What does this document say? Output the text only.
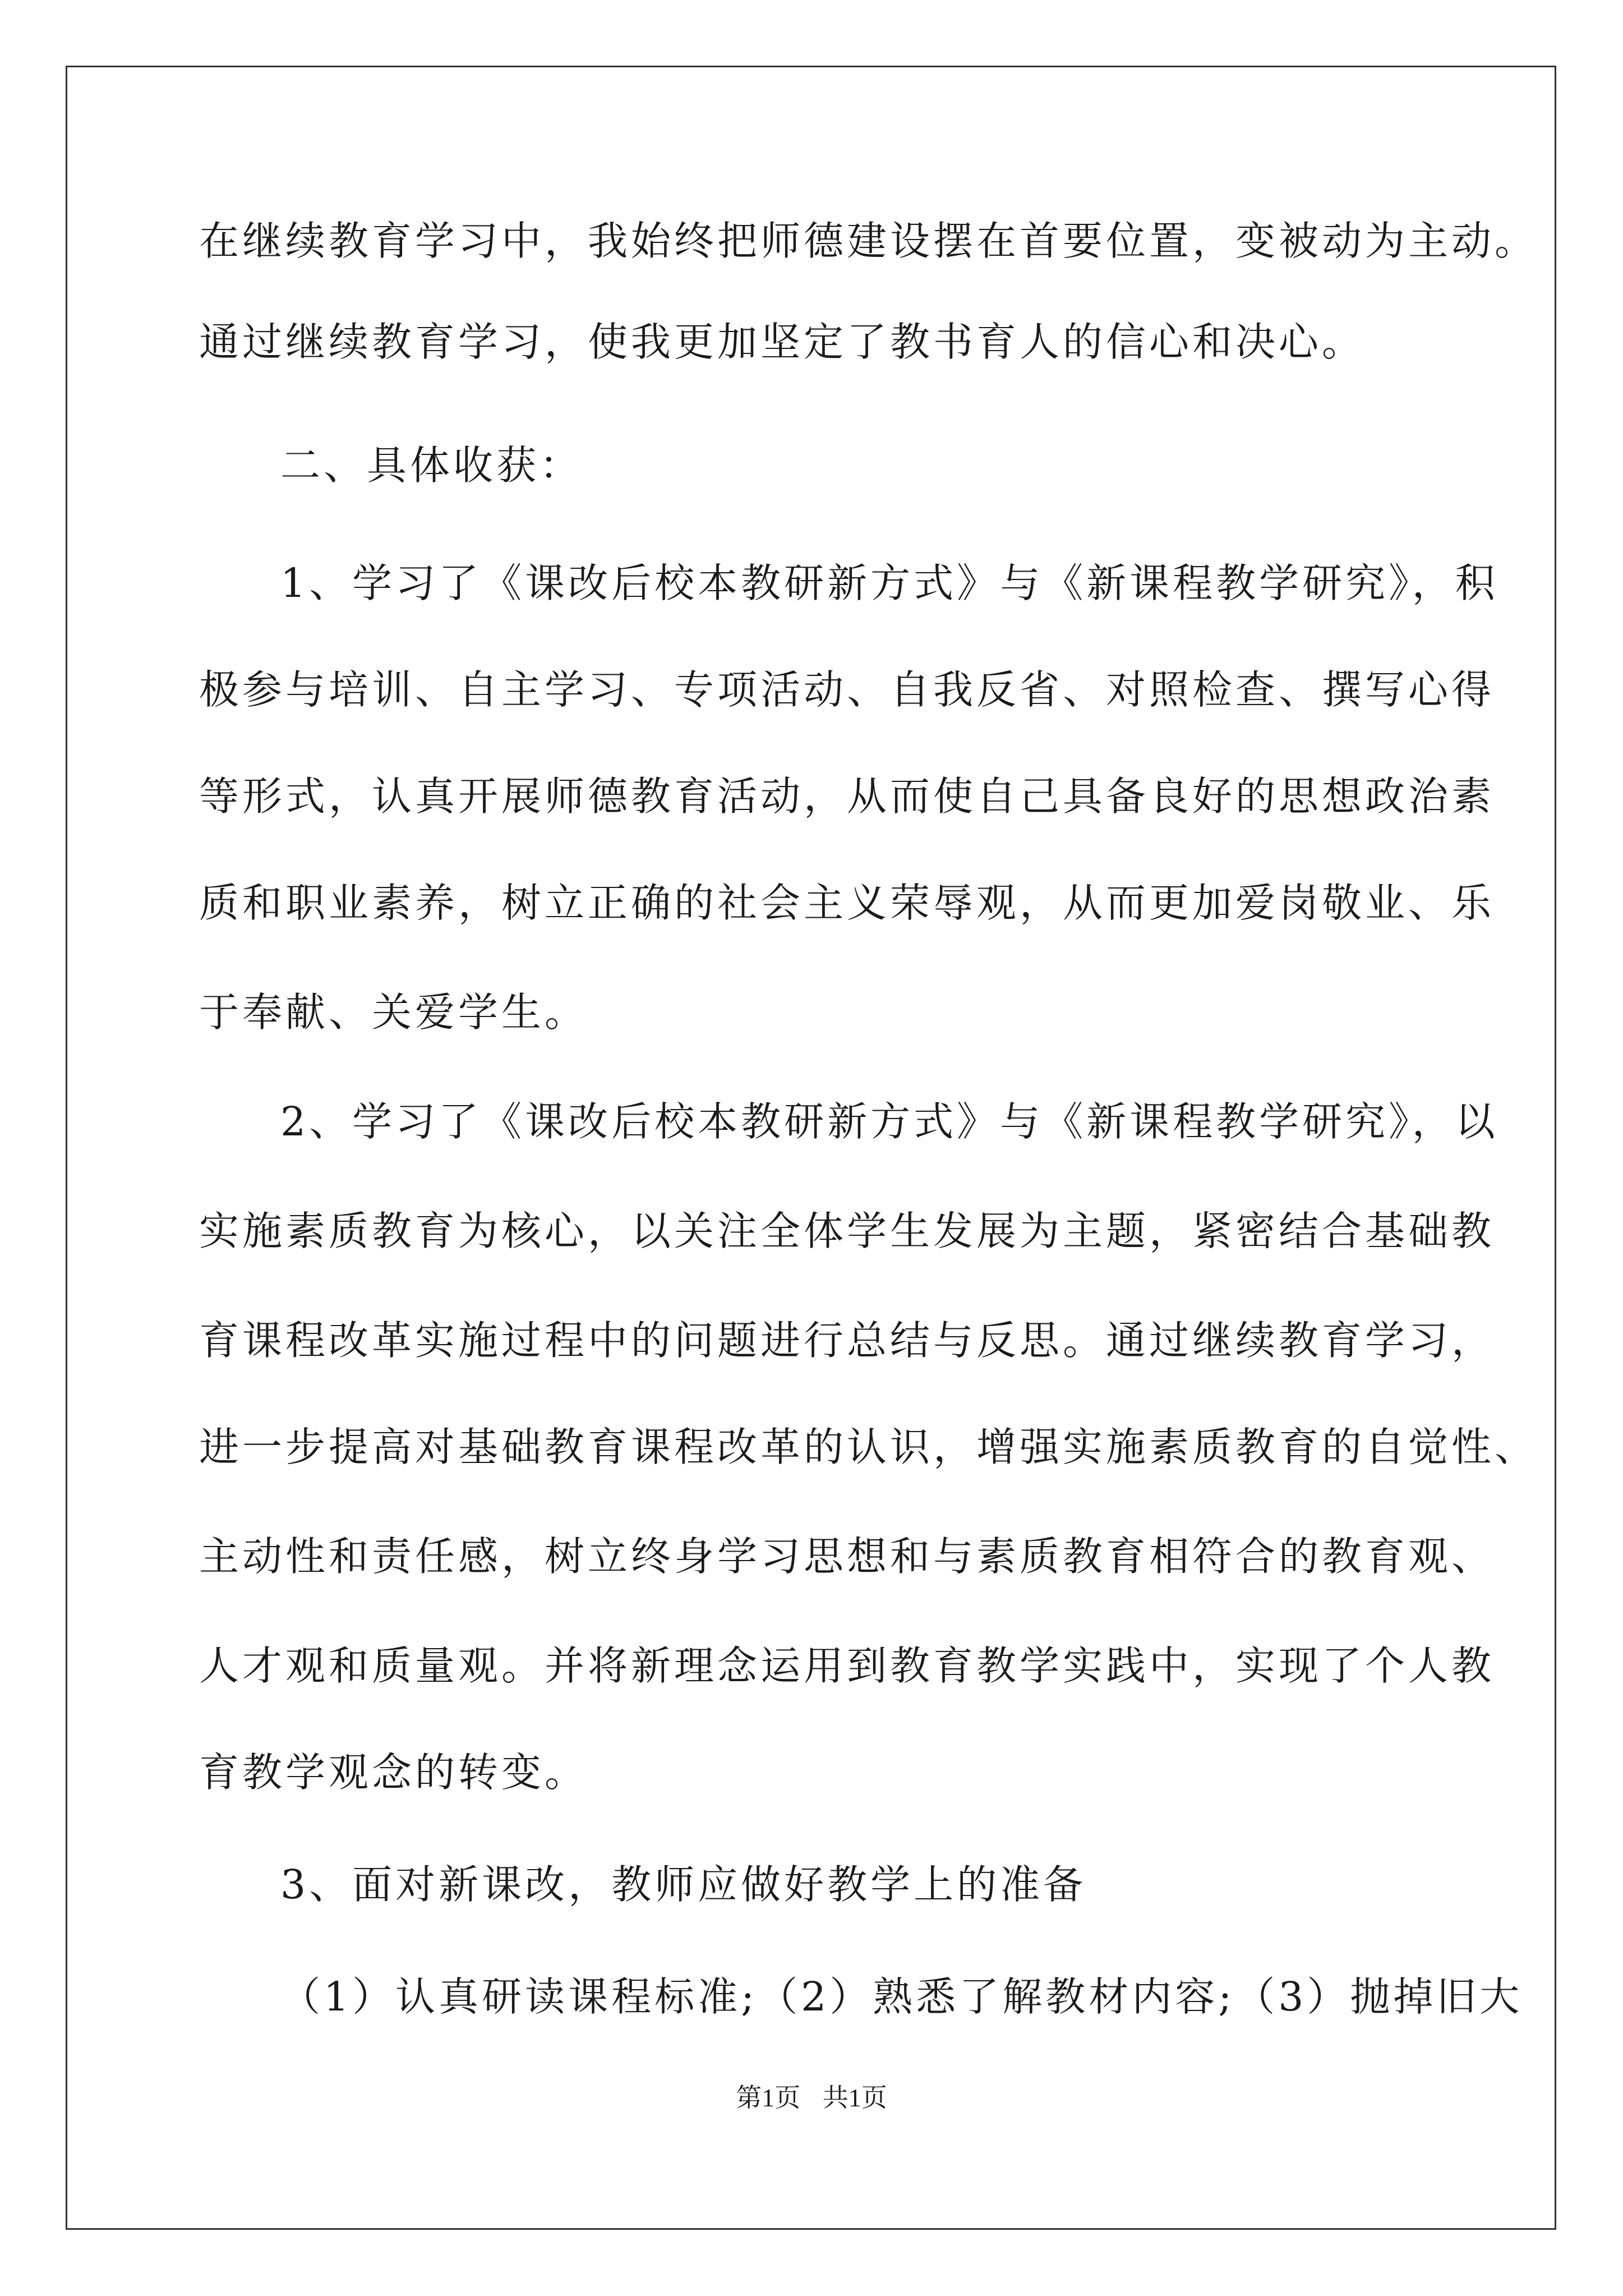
在继续教育学习中，我始终把师德建设摆在首要位置，变被动为主动。
通过继续教育学习，使我更加坚定了教书育人的信心和决心。
二、具体收获：
1、学习了《课改后校本教研新方式》与《新课程教学研究》，积
极参与培训、自主学习、专项活动、自我反省、对照检查、撰写心得
等形式，认真开展师德教育活动，从而使自己具备良好的思想政治素
质和职业素养，树立正确的社会主义荣辱观，从而更加爱岗敬业、乐
于奉献、关爱学生。
2、学习了《课改后校本教研新方式》与《新课程教学研究》，以
实施素质教育为核心，以关注全体学生发展为主题，紧密结合基础教
育课程改革实施过程中的问题进行总结与反思。通过继续教育学习，
进一步提高对基础教育课程改革的认识，增强实施素质教育的自觉性、
主动性和责任感，树立终身学习思想和与素质教育相符合的教育观、
人才观和质量观。并将新理念运用到教育教学实践中，实现了个人教
育教学观念的转变。
3、面对新课改，教师应做好教学上的准备
（1）认真研读课程标准;（2）熟悉了解教材内容;（3）抛掉旧大
第1页 共1页
